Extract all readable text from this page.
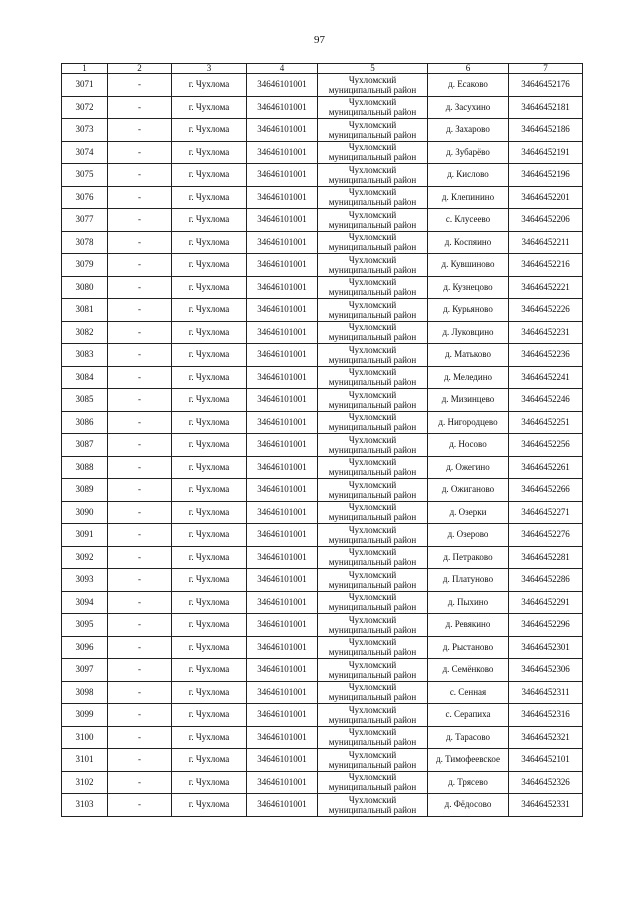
97
1	2	3	4	5	6	7
3071	-	г. Чухлома	34646101001	Чухломский муниципальный район	д. Есаково	34646452176
3072	-	г. Чухлома	34646101001	Чухломский муниципальный район	д. Засухино	34646452181
3073	-	г. Чухлома	34646101001	Чухломский муниципальный район	д. Захарово	34646452186
3074	-	г. Чухлома	34646101001	Чухломский муниципальный район	д. Зубарёво	34646452191
3075	-	г. Чухлома	34646101001	Чухломский муниципальный район	д. Кислово	34646452196
3076	-	г. Чухлома	34646101001	Чухломский муниципальный район	д. Клепинино	34646452201
3077	-	г. Чухлома	34646101001	Чухломский муниципальный район	с. Клусеево	34646452206
3078	-	г. Чухлома	34646101001	Чухломский муниципальный район	д. Коспяино	34646452211
3079	-	г. Чухлома	34646101001	Чухломский муниципальный район	д. Кувшиново	34646452216
3080	-	г. Чухлома	34646101001	Чухломский муниципальный район	д. Кузнецово	34646452221
3081	-	г. Чухлома	34646101001	Чухломский муниципальный район	д. Курьяново	34646452226
3082	-	г. Чухлома	34646101001	Чухломский муниципальный район	д. Луковцино	34646452231
3083	-	г. Чухлома	34646101001	Чухломский муниципальный район	д. Матьково	34646452236
3084	-	г. Чухлома	34646101001	Чухломский муниципальный район	д. Меледино	34646452241
3085	-	г. Чухлома	34646101001	Чухломский муниципальный район	д. Мизинцево	34646452246
3086	-	г. Чухлома	34646101001	Чухломский муниципальный район	д. Нигородцево	34646452251
3087	-	г. Чухлома	34646101001	Чухломский муниципальный район	д. Носово	34646452256
3088	-	г. Чухлома	34646101001	Чухломский муниципальный район	д. Ожегино	34646452261
3089	-	г. Чухлома	34646101001	Чухломский муниципальный район	д. Ожиганово	34646452266
3090	-	г. Чухлома	34646101001	Чухломский муниципальный район	д. Озерки	34646452271
3091	-	г. Чухлома	34646101001	Чухломский муниципальный район	д. Озерово	34646452276
3092	-	г. Чухлома	34646101001	Чухломский муниципальный район	д. Петраково	34646452281
3093	-	г. Чухлома	34646101001	Чухломский муниципальный район	д. Платуново	34646452286
3094	-	г. Чухлома	34646101001	Чухломский муниципальный район	д. Пыхино	34646452291
3095	-	г. Чухлома	34646101001	Чухломский муниципальный район	д. Ревякино	34646452296
3096	-	г. Чухлома	34646101001	Чухломский муниципальный район	д. Рыстаново	34646452301
3097	-	г. Чухлома	34646101001	Чухломский муниципальный район	д. Семёнково	34646452306
3098	-	г. Чухлома	34646101001	Чухломский муниципальный район	с. Сенная	34646452311
3099	-	г. Чухлома	34646101001	Чухломский муниципальный район	с. Серапиха	34646452316
3100	-	г. Чухлома	34646101001	Чухломский муниципальный район	д. Тарасово	34646452321
3101	-	г. Чухлома	34646101001	Чухломский муниципальный район	д. Тимофеевское	34646452101
3102	-	г. Чухлома	34646101001	Чухломский муниципальный район	д. Трясево	34646452326
3103	-	г. Чухлома	34646101001	Чухломский муниципальный район	д. Фёдосово	34646452331
